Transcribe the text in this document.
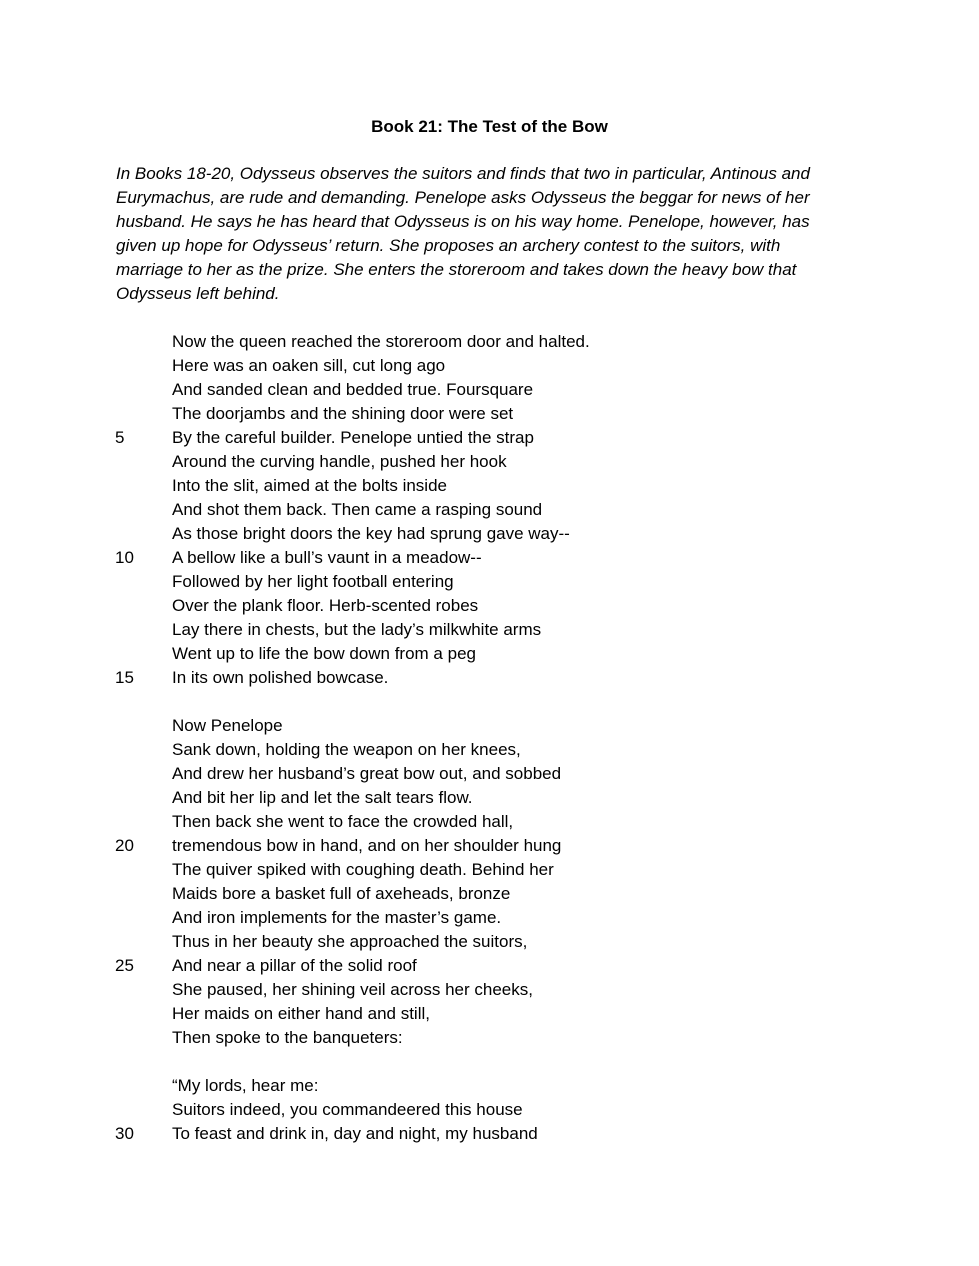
Book 21: The Test of the Bow

In Books 18-20, Odysseus observes the suitors and finds that two in particular, Antinous and
Eurymachus, are rude and demanding. Penelope asks Odysseus the beggar for news of her
husband. He says he has heard that Odysseus is on his way home. Penelope, however, has
given up hope for Odysseus’ return. She proposes an archery contest to the suitors, with
marriage to her as the prize. She enters the storeroom and takes down the heavy bow that
Odysseus left behind.

Now the queen reached the storeroom door and halted.
Here was an oaken sill, cut long ago
And sanded clean and bedded true. Foursquare
The doorjambs and the shining door were set
5	By the careful builder. Penelope untied the strap
Around the curving handle, pushed her hook
Into the slit, aimed at the bolts inside
And shot them back. Then came a rasping sound
As those bright doors the key had sprung gave way--
10	A bellow like a bull’s vaunt in a meadow--
Followed by her light football entering
Over the plank floor. Herb-scented robes
Lay there in chests, but the lady’s milkwhite arms
Went up to life the bow down from a peg
15	In its own polished bowcase.
Now Penelope
Sank down, holding the weapon on her knees,
And drew her husband’s great bow out, and sobbed
And bit her lip and let the salt tears flow.
Then back she went to face the crowded hall,
20	tremendous bow in hand, and on her shoulder hung
The quiver spiked with coughing death. Behind her
Maids bore a basket full of axeheads, bronze
And iron implements for the master’s game.
Thus in her beauty she approached the suitors,
25	And near a pillar of the solid roof
She paused, her shining veil across her cheeks,
Her maids on either hand and still,
Then spoke to the banqueters:
“My lords, hear me:
Suitors indeed, you commandeered this house
30	To feast and drink in, day and night, my husband
